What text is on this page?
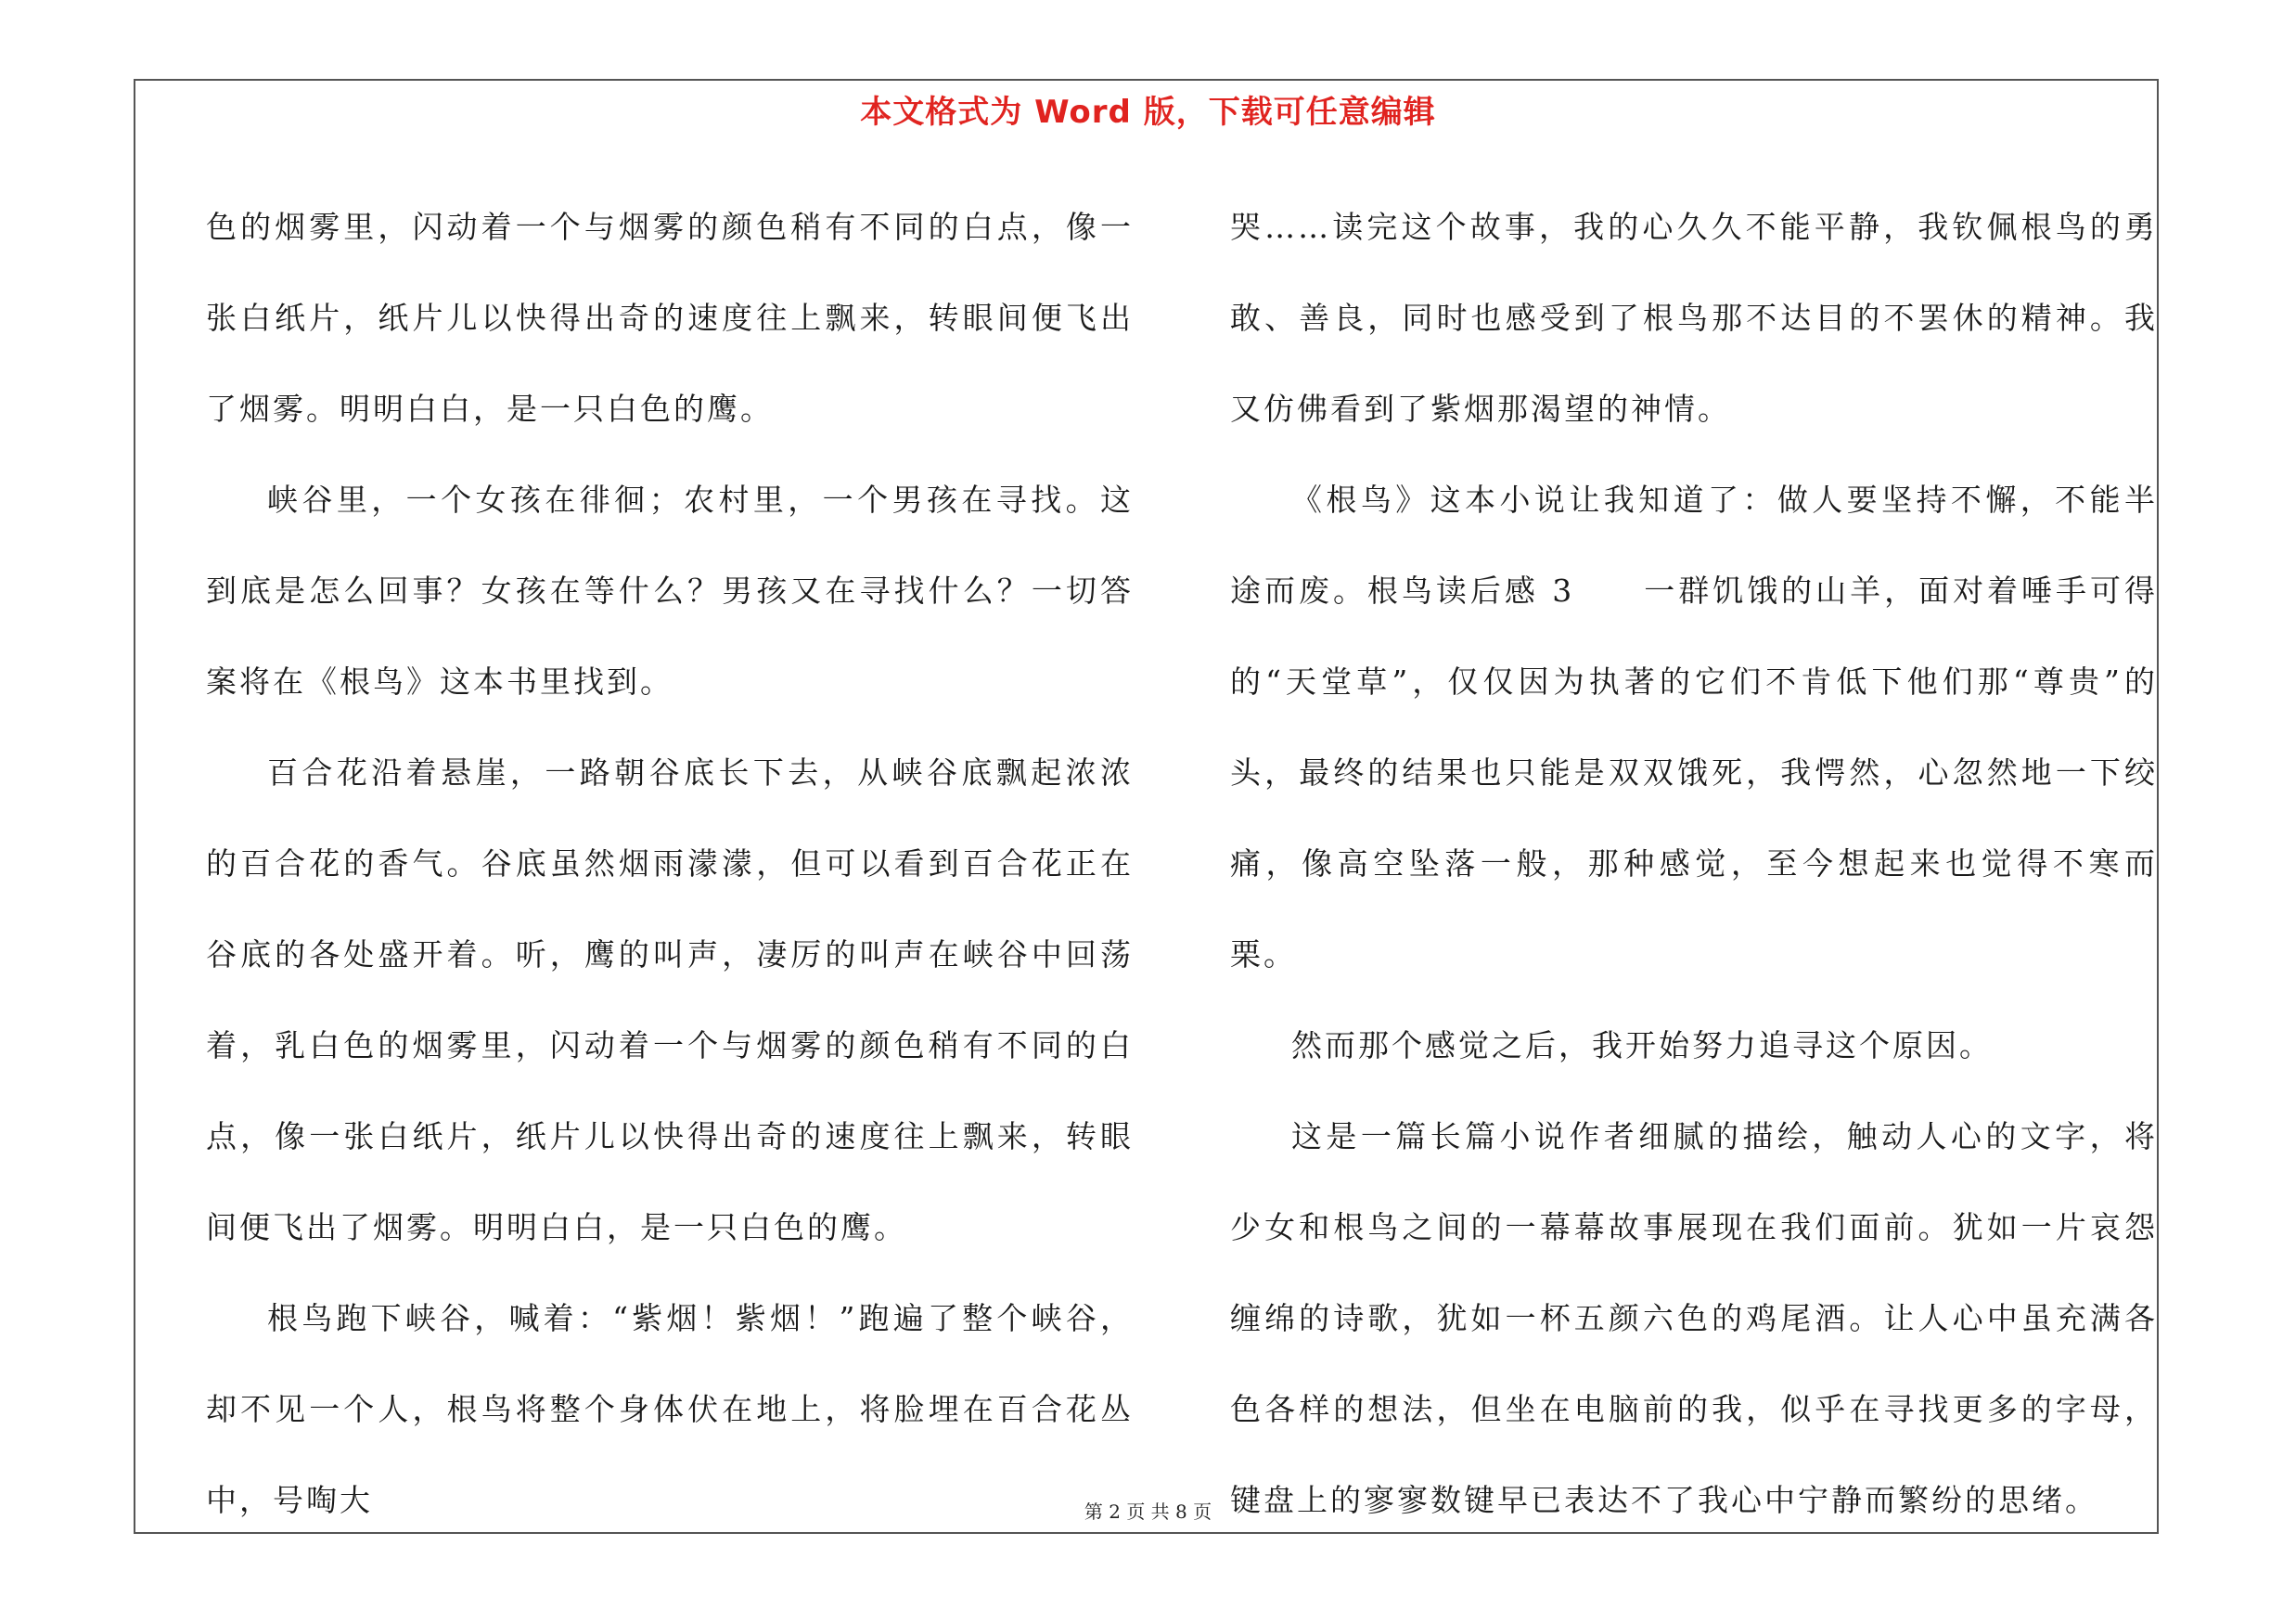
本文格式为 Word 版，下载可任意编辑

色的烟雾里，闪动着一个与烟雾的颜色稍有不同的白点，像一张白纸片，纸片儿以快得出奇的速度往上飘来，转眼间便飞出了烟雾。明明白白，是一只白色的鹰。

峡谷里，一个女孩在徘徊；农村里，一个男孩在寻找。这到底是怎么回事？女孩在等什么？男孩又在寻找什么？一切答案将在《根鸟》这本书里找到。

百合花沿着悬崖，一路朝谷底长下去，从峡谷底飘起浓浓的百合花的香气。谷底虽然烟雨濛濛，但可以看到百合花正在谷底的各处盛开着。听，鹰的叫声，凄厉的叫声在峡谷中回荡着，乳白色的烟雾里，闪动着一个与烟雾的颜色稍有不同的白点，像一张白纸片，纸片儿以快得出奇的速度往上飘来，转眼间便飞出了烟雾。明明白白，是一只白色的鹰。

根鸟跑下峡谷，喊着：“紫烟！紫烟！”跑遍了整个峡谷，却不见一个人，根鸟将整个身体伏在地上，将脸埋在百合花丛中，号啕大

哭……读完这个故事，我的心久久不能平静，我钦佩根鸟的勇敢、善良，同时也感受到了根鸟那不达目的不罢休的精神。我又仿佛看到了紫烟那渴望的神情。

《根鸟》这本小说让我知道了：做人要坚持不懈，不能半途而废。根鸟读后感 3　　一群饥饿的山羊，面对着唾手可得的“天堂草”，仅仅因为执著的它们不肯低下他们那“尊贵”的头，最终的结果也只能是双双饿死，我愕然，心忽然地一下绞痛，像高空坠落一般，那种感觉，至今想起来也觉得不寒而栗。

然而那个感觉之后，我开始努力追寻这个原因。

这是一篇长篇小说作者细腻的描绘，触动人心的文字，将少女和根鸟之间的一幕幕故事展现在我们面前。犹如一片哀怨缠绵的诗歌，犹如一杯五颜六色的鸡尾酒。让人心中虽充满各色各样的想法，但坐在电脑前的我，似乎在寻找更多的字母，键盘上的寥寥数键早已表达不了我心中宁静而繁纷的思绪。

第 2 页 共 8 页
